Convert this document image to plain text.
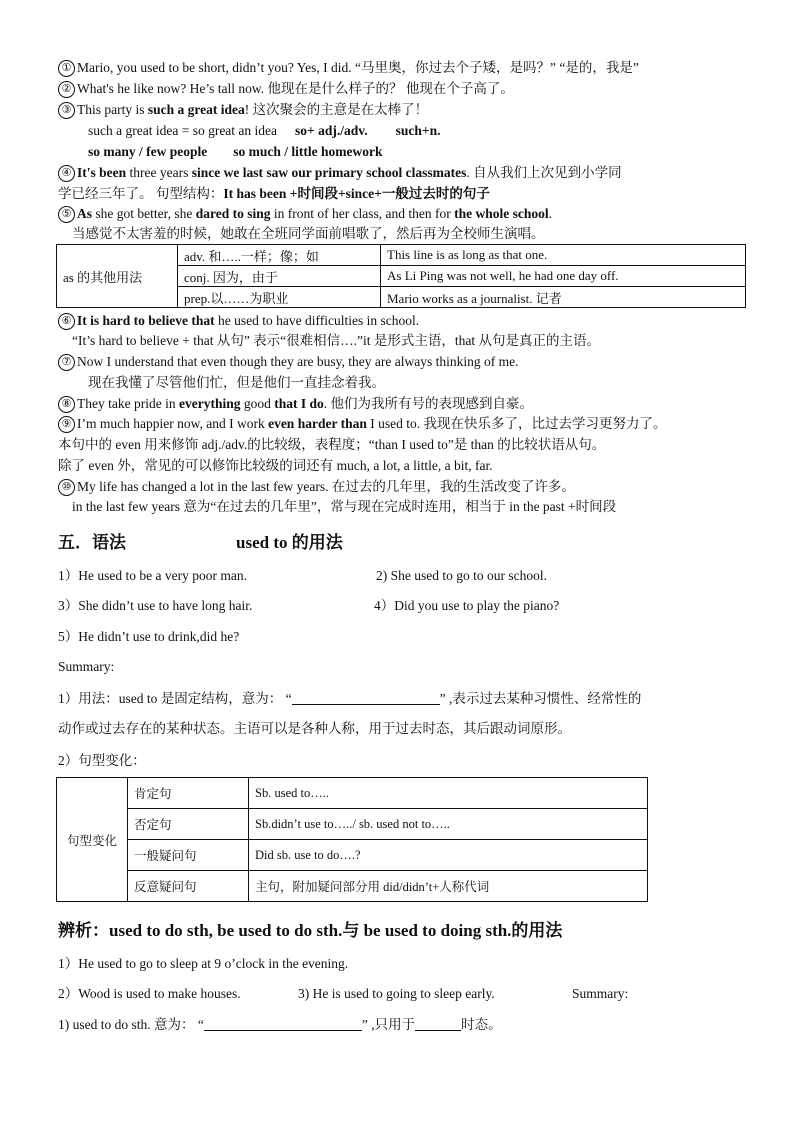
① Mario, you used to be short, didn’t you? Yes, I did. “马里奥，你过去个子矮，是吗？” “是的，我是”
② What's he like now? He’s tall now. 他现在是什么样子的？ 他现在个子高了。
③ This party is such a great idea! 这次聚会的主意是在太棒了！
such a great idea = so great an idea so+ adj./adv. such+n.
so many / few people so much / little homework
④ It's been three years since we last saw our primary school classmates. 自从我们上次见到小学同
学已经三年了。 句型结构：It has been +时间段+since+一般过去时的句子
⑤ As she got better, she dared to sing in front of her class, and then for the whole school.
当感觉不太害羞的时候，她敢在全班同学面前唱歌了，然后再为全校师生演唱。
as 的其他用法	adv. 和…..一样；像；如	This line is as long as that one.
	conj. 因为，由于	As Li Ping was not well, he had one day off.
	prep.以……为职业	Mario works as a journalist. 记者
⑥ It is hard to believe that he used to have difficulties in school.
“It’s hard to believe + that 从句” 表示“很难相信….”it 是形式主语，that 从句是真正的主语。
⑦ Now I understand that even though they are busy, they are always thinking of me.
现在我懂了尽管他们忙，但是他们一直挂念着我。
⑧ They take pride in everything good that I do. 他们为我所有号的表现感到自豪。
⑨ I’m much happier now, and I work even harder than I used to. 我现在快乐多了，比过去学习更努力了。
本句中的 even 用来修饰 adj./adv.的比较级，表程度；“than I used to”是 than 的比较状语从句。
除了 even 外，常见的可以修饰比较级的词还有 much, a lot, a little, a bit, far.
⑩ My life has changed a lot in the last few years. 在过去的几年里，我的生活改变了许多。
in the last few years 意为“在过去的几年里”，常与现在完成时连用，相当于 in the past +时间段
五．语法	used to 的用法
1）He used to be a very poor man.	2) She used to go to our school.
3）She didn’t use to have long hair.	4）Did you use to play the piano?
5）He didn’t use to drink,did he?
Summary:
1）用法：used to 是固定结构，意为： “	” ,表示过去某种习惯性、经常性的
动作或过去存在的某种状态。主语可以是各种人称，用于过去时态，其后跟动词原形。
2）句型变化：
句型变化	肯定句	Sb. used to…..
	否定句	Sb.didn’t use to…../ sb. used not to…..
	一般疑问句	Did sb. use to do….?
	反意疑问句	主句，附加疑问部分用 did/didn’t+人称代词
辨析：used to do sth, be used to do sth.与 be used to doing sth.的用法
1）He used to go to sleep at 9 o’clock in the evening.
2）Wood is used to make houses.	3) He is used to going to sleep early.	Summary:
1) used to do sth. 意为： “	” ,只用于	时态。
